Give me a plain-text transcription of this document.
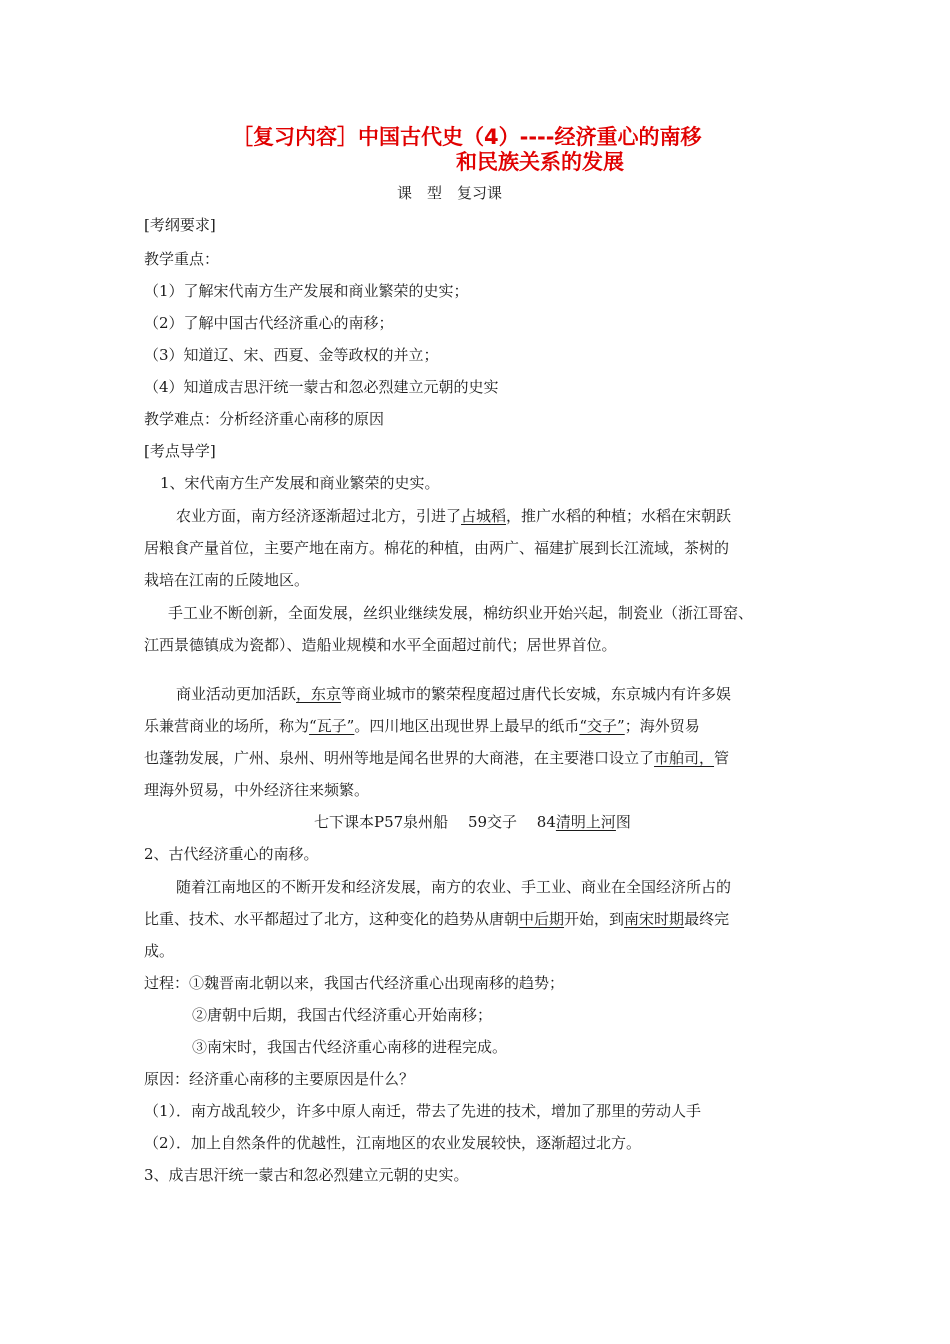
［复习内容］中国古代史（4）----经济重心的南移
和民族关系的发展
课　型　复习课
[考纲要求]
教学重点：
（1）了解宋代南方生产发展和商业繁荣的史实；
（2）了解中国古代经济重心的南移；
（3）知道辽、宋、西夏、金等政权的并立；
（4）知道成吉思汗统一蒙古和忽必烈建立元朝的史实
教学难点：分析经济重心南移的原因
[考点导学]
1、宋代南方生产发展和商业繁荣的史实。
农业方面，南方经济逐渐超过北方，引进了占城稻，推广水稻的种植；水稻在宋朝跃
居粮食产量首位，主要产地在南方。棉花的种植，由两广、福建扩展到长江流域，茶树的
栽培在江南的丘陵地区。
手工业不断创新，全面发展，丝织业继续发展，棉纺织业开始兴起，制瓷业（浙江哥窑、
江西景德镇成为瓷都）、造船业规模和水平全面超过前代；居世界首位。
商业活动更加活跃，东京等商业城市的繁荣程度超过唐代长安城，东京城内有许多娱
乐兼营商业的场所，称为“瓦子”。四川地区出现世界上最早的纸币“交子”；海外贸易
也蓬勃发展，广州、泉州、明州等地是闻名世界的大商港，在主要港口设立了市舶司，管
理海外贸易，中外经济往来频繁。
七下课本P57泉州船　 59交子　 84清明上河图
2、古代经济重心的南移。
随着江南地区的不断开发和经济发展，南方的农业、手工业、商业在全国经济所占的
比重、技术、水平都超过了北方，这种变化的趋势从唐朝中后期开始，到南宋时期最终完
成。
过程：①魏晋南北朝以来，我国古代经济重心出现南移的趋势；
②唐朝中后期，我国古代经济重心开始南移；
③南宋时，我国古代经济重心南移的进程完成。
原因：经济重心南移的主要原因是什么？
（1）．南方战乱较少，许多中原人南迁，带去了先进的技术，增加了那里的劳动人手
（2）．加上自然条件的优越性，江南地区的农业发展较快，逐渐超过北方。
3、成吉思汗统一蒙古和忽必烈建立元朝的史实。
